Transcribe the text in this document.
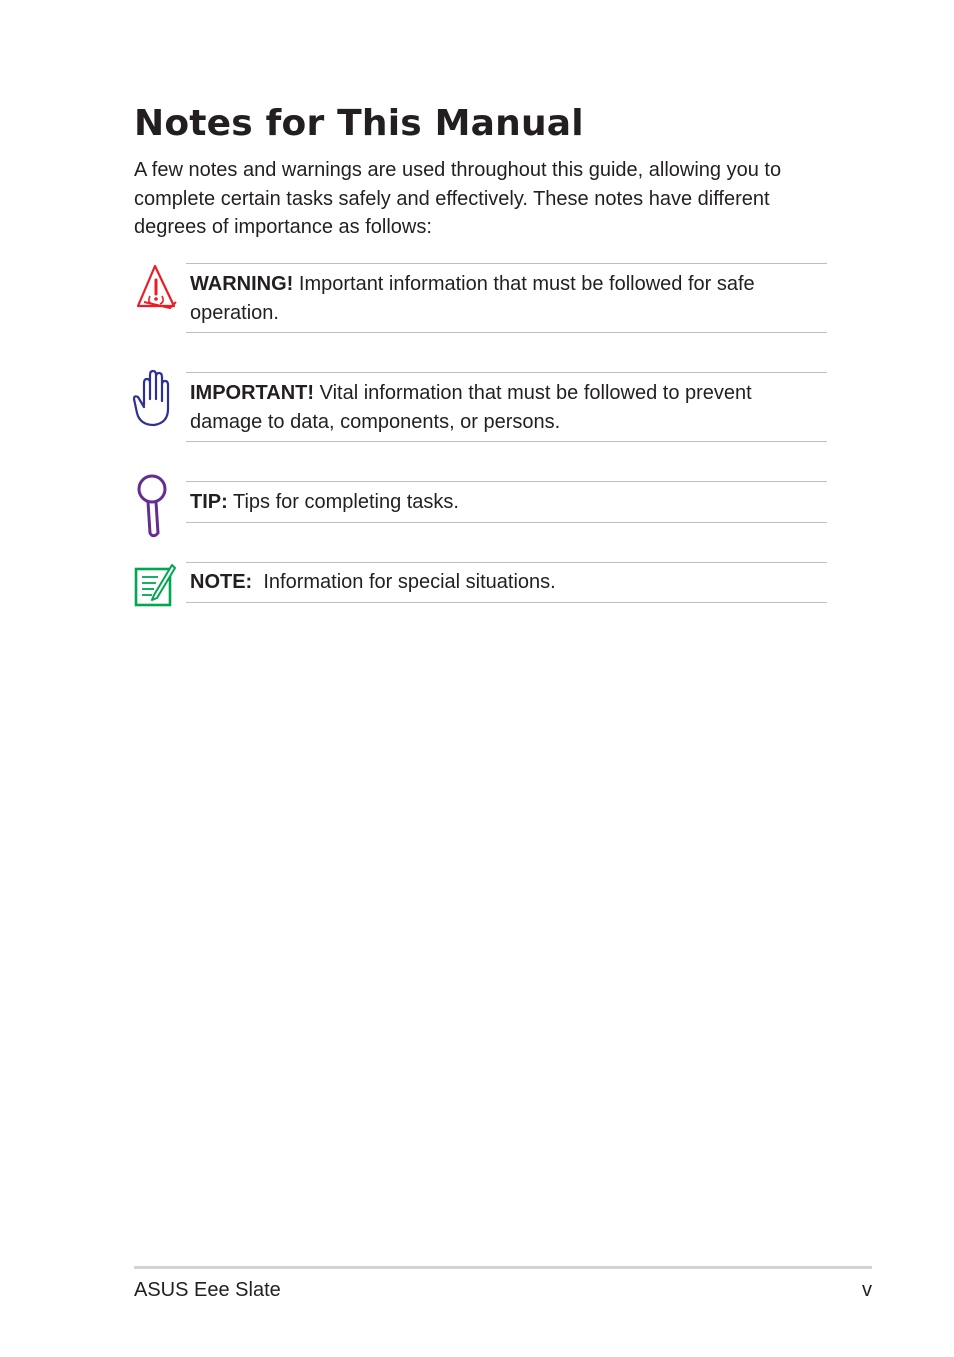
Notes for This Manual

A few notes and warnings are used throughout this guide, allowing you to complete certain tasks safely and effectively. These notes have different degrees of importance as follows:

WARNING! Important information that must be followed for safe operation.
IMPORTANT! Vital information that must be followed to prevent damage to data, components, or persons.
TIP: Tips for completing tasks.
NOTE:  Information for special situations.
ASUS Eee Slate	v
